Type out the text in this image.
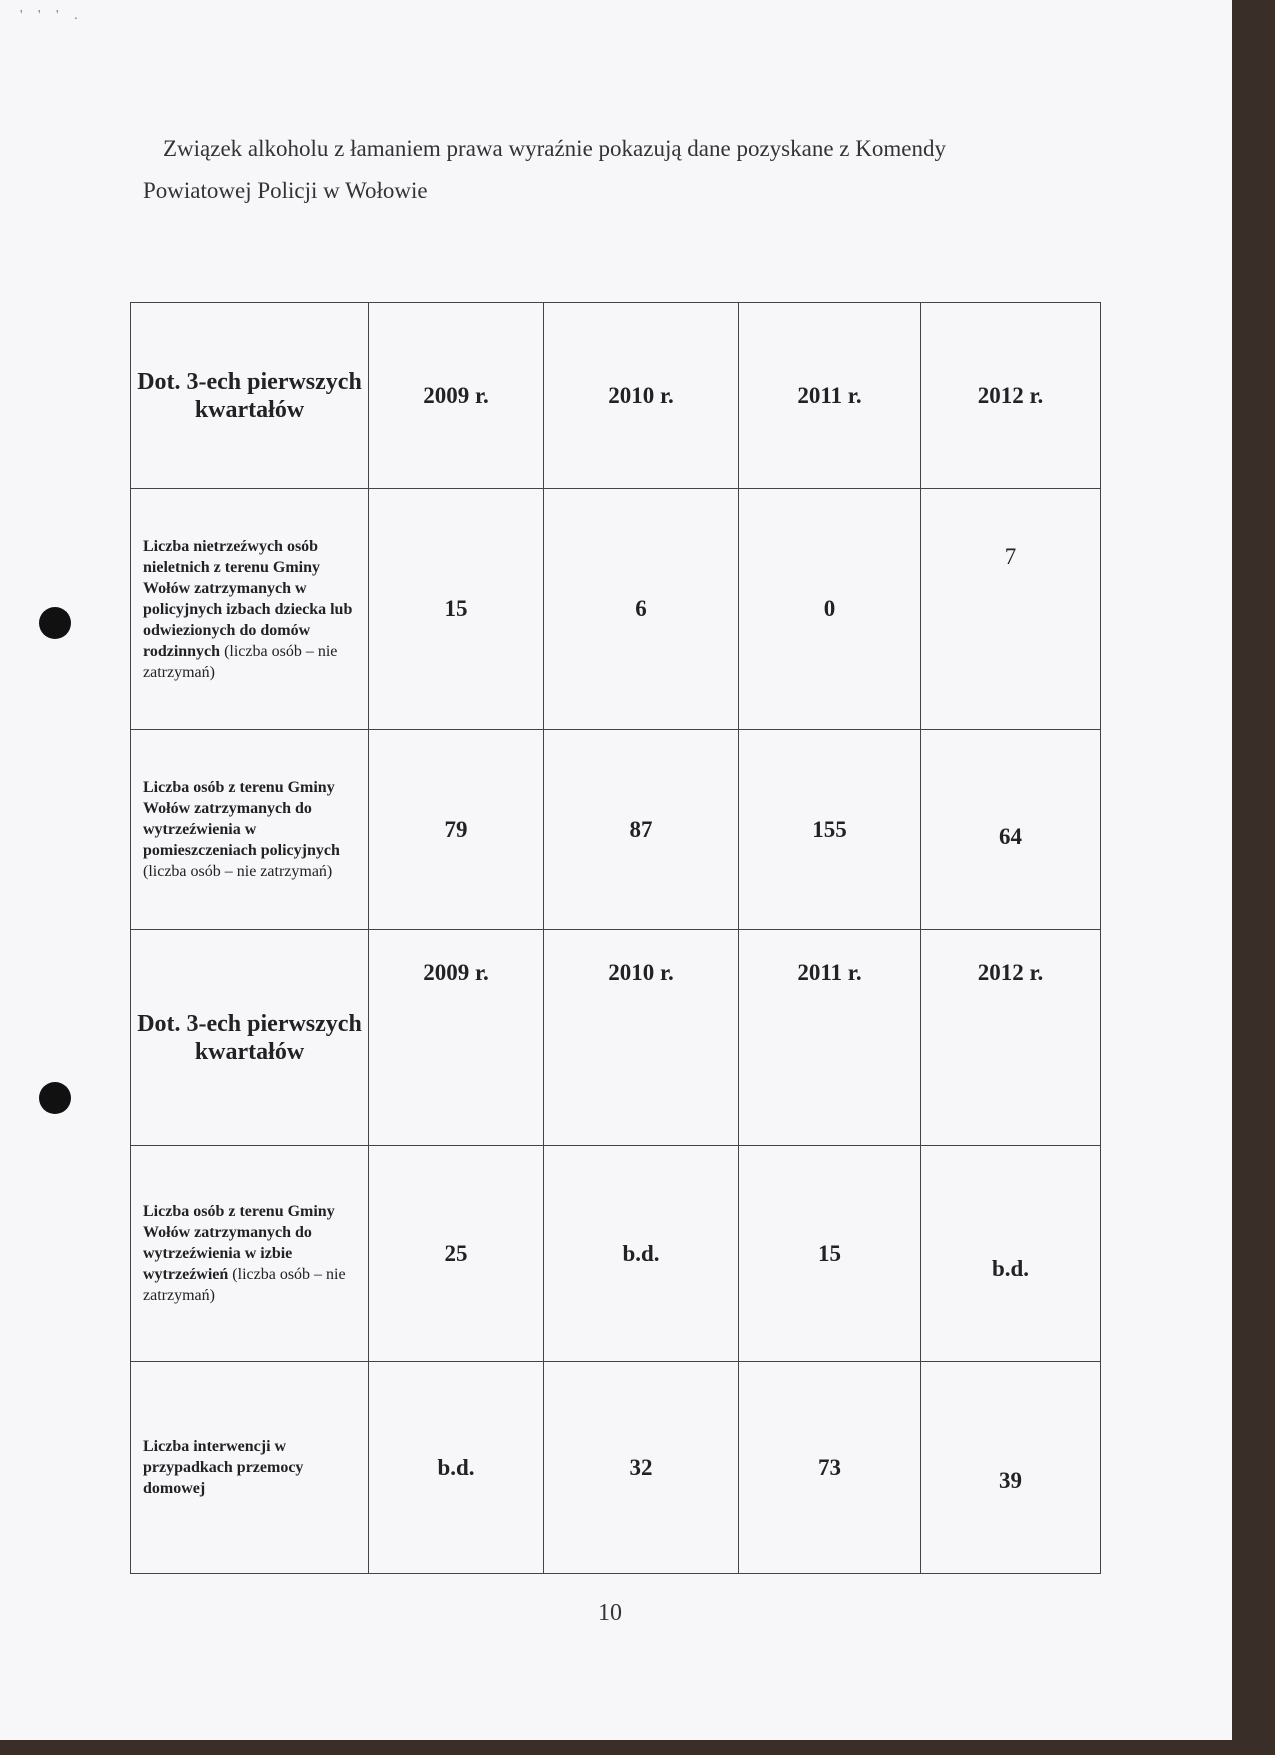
' ' ' .
Związek alkoholu z łamaniem prawa wyraźnie pokazują dane pozyskane z Komendy
Powiatowej Policji w Wołowie
Dot. 3-ech pierwszych kwartałów	2009 r.	2010 r.	2011 r.	2012 r.
Liczba nietrzeźwych osób nieletnich z terenu Gminy Wołów zatrzymanych w policyjnych izbach dziecka lub odwiezionych do domów rodzinnych (liczba osób – nie zatrzymań)	15	6	0	7
Liczba osób z terenu Gminy Wołów zatrzymanych do wytrzeźwienia w pomieszczeniach policyjnych (liczba osób – nie zatrzymań)	79	87	155	64
Dot. 3-ech pierwszych kwartałów	2009 r.	2010 r.	2011 r.	2012 r.
Liczba osób z terenu Gminy Wołów zatrzymanych do wytrzeźwienia w izbie wytrzeźwień (liczba osób – nie zatrzymań)	25	b.d.	15	b.d.
Liczba interwencji w przypadkach przemocy domowej	b.d.	32	73	39
10
